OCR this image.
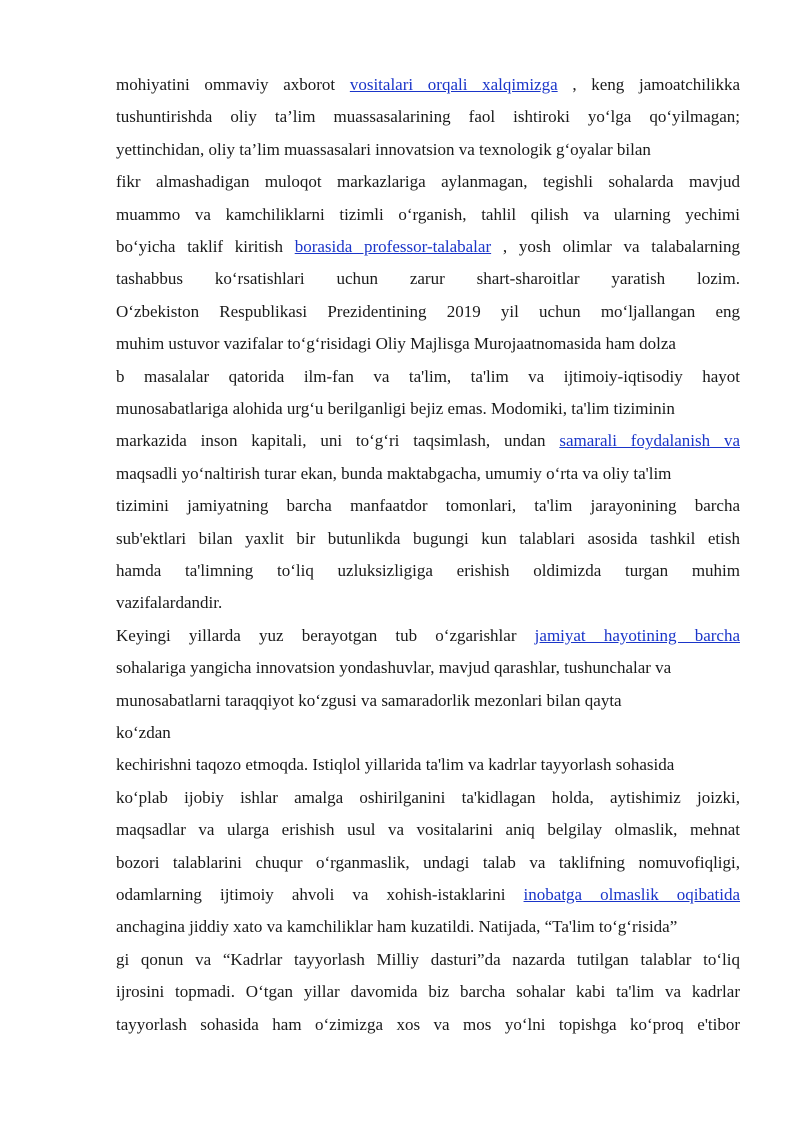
mohiyatini ommaviy axborot vositalari orqali xalqimizga , keng jamoatchilikka
tushuntirishda oliy ta’lim muassasalarining faol ishtiroki yo‘lga qo‘yilmagan;
yettinchidan, oliy ta’lim muassasalari innovatsion va texnologik g‘oyalar bilan
fikr almashadigan muloqot markazlariga aylanmagan, tegishli sohalarda mavjud
muammo va kamchiliklarni tizimli o‘rganish, tahlil qilish va ularning yechimi
bo‘yicha taklif kiritish borasida professor-talabalar , yosh olimlar va talabalarning
tashabbus ko‘rsatishlari uchun zarur shart-sharoitlar yaratish lozim.
O‘zbekiston Respublikasi Prezidentining 2019 yil uchun mo‘ljallangan eng
muhim ustuvor vazifalar to‘g‘risidagi Oliy Majlisga Murojaatnomasida ham dolza
b masalalar qatorida ilm-fan va ta'lim, ta'lim va ijtimoiy-iqtisodiy hayot
munosabatlariga alohida urg‘u berilganligi bejiz emas. Modomiki, ta'lim tiziminin
markazida inson kapitali, uni to‘g‘ri taqsimlash, undan samarali foydalanish va
maqsadli yo‘naltirish turar ekan, bunda maktabgacha, umumiy o‘rta va oliy ta'lim
tizimini jamiyatning barcha manfaatdor tomonlari, ta'lim jarayonining barcha
sub'ektlari bilan yaxlit bir butunlikda bugungi kun talablari asosida tashkil etish
hamda ta'limning to‘liq uzluksizligiga erishish oldimizda turgan muhim
vazifalardandir.
Keyingi yillarda yuz berayotgan tub o‘zgarishlar jamiyat hayotining barcha
sohalariga yangicha innovatsion yondashuvlar, mavjud qarashlar, tushunchalar va
munosabatlarni taraqqiyot ko‘zgusi va samaradorlik mezonlari bilan qayta
ko‘zdan
kechirishni taqozo etmoqda. Istiqlol yillarida ta'lim va kadrlar tayyorlash sohasida
ko‘plab ijobiy ishlar amalga oshirilganini ta'kidlagan holda, aytishimiz joizki,
maqsadlar va ularga erishish usul va vositalarini aniq belgilay olmaslik, mehnat
bozori talablarini chuqur o‘rganmaslik, undagi talab va taklifning nomuvofiqligi,
odamlarning ijtimoiy ahvoli va xohish-istaklarini inobatga olmaslik oqibatida
anchagina jiddiy xato va kamchiliklar ham kuzatildi. Natijada, “Ta'lim to‘g‘risida”
gi qonun va “Kadrlar tayyorlash Milliy dasturi”da nazarda tutilgan talablar to‘liq
ijrosini topmadi. O‘tgan yillar davomida biz barcha sohalar kabi ta'lim va kadrlar
tayyorlash sohasida ham o‘zimizga xos va mos yo‘lni topishga ko‘proq e'tibor
